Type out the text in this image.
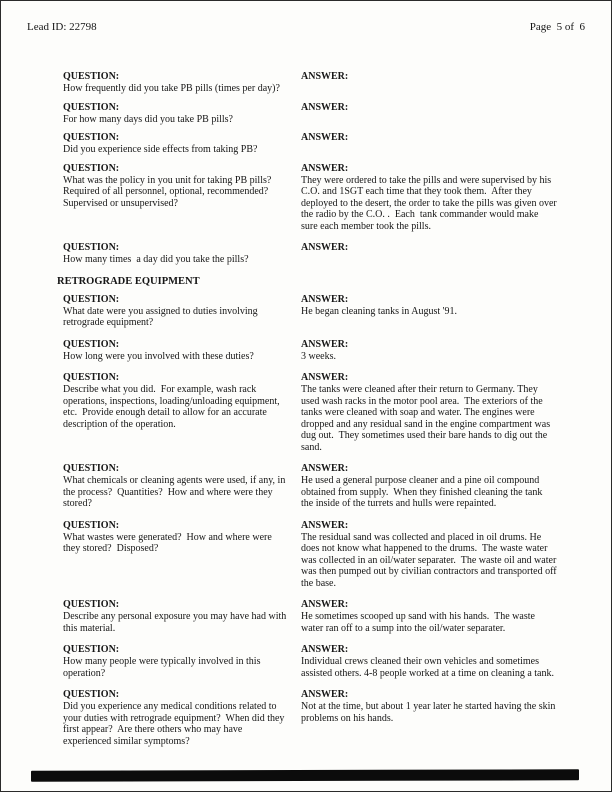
Lead ID: 22798	Page  5 of  6
QUESTION:
How frequently did you take PB pills (times per day)?
ANSWER:
QUESTION:
For how many days did you take PB pills?
ANSWER:
QUESTION:
Did you experience side effects from taking PB?
ANSWER:
QUESTION:
What was the policy in you unit for taking PB pills?  Required of all personnel, optional, recommended?  Supervised or unsupervised?
ANSWER:
They were ordered to take the pills and were supervised by his C.O. and 1SGT each time that they took them.  After they deployed to the desert, the order to take the pills was given over the radio by the C.O. .  Each  tank commander would make sure each member took the pills.
QUESTION:
How many times  a day did you take the pills?
ANSWER:
RETROGRADE EQUIPMENT
QUESTION:
What date were you assigned to duties involving retrograde equipment?
ANSWER:
He began cleaning tanks in August '91.
QUESTION:
How long were you involved with these duties?
ANSWER:
3 weeks.
QUESTION:
Describe what you did.  For example, wash rack operations, inspections, loading/unloading equipment, etc.  Provide enough detail to allow for an accurate description of the operation.
ANSWER:
The tanks were cleaned after their return to Germany. They used wash racks in the motor pool area.  The exteriors of the tanks were cleaned with soap and water. The engines were dropped and any residual sand in the engine compartment was dug out.  They sometimes used their bare hands to dig out the sand.
QUESTION:
What chemicals or cleaning agents were used, if any, in the process?  Quantities?  How and where were they stored?
ANSWER:
He used a general purpose cleaner and a pine oil compound obtained from supply.  When they finished cleaning the tank the inside of the turrets and hulls were repainted.
QUESTION:
What wastes were generated?  How and where were they stored?  Disposed?
ANSWER:
The residual sand was collected and placed in oil drums. He does not know what happened to the drums.  The waste water was collected in an oil/water separater.  The waste oil and water was then pumped out by civilian contractors and transported off the base.
QUESTION:
Describe any personal exposure you may have had with this material.
ANSWER:
He sometimes scooped up sand with his hands.  The waste water ran off to a sump into the oil/water separater.
QUESTION:
How many people were typically involved in this operation?
ANSWER:
Individual crews cleaned their own vehicles and sometimes assisted others. 4-8 people worked at a time on cleaning a tank.
QUESTION:
Did you experience any medical conditions related to your duties with retrograde equipment?  When did they first appear?  Are there others who may have experienced similar symptoms?
ANSWER:
Not at the time, but about 1 year later he started having the skin problems on his hands.
